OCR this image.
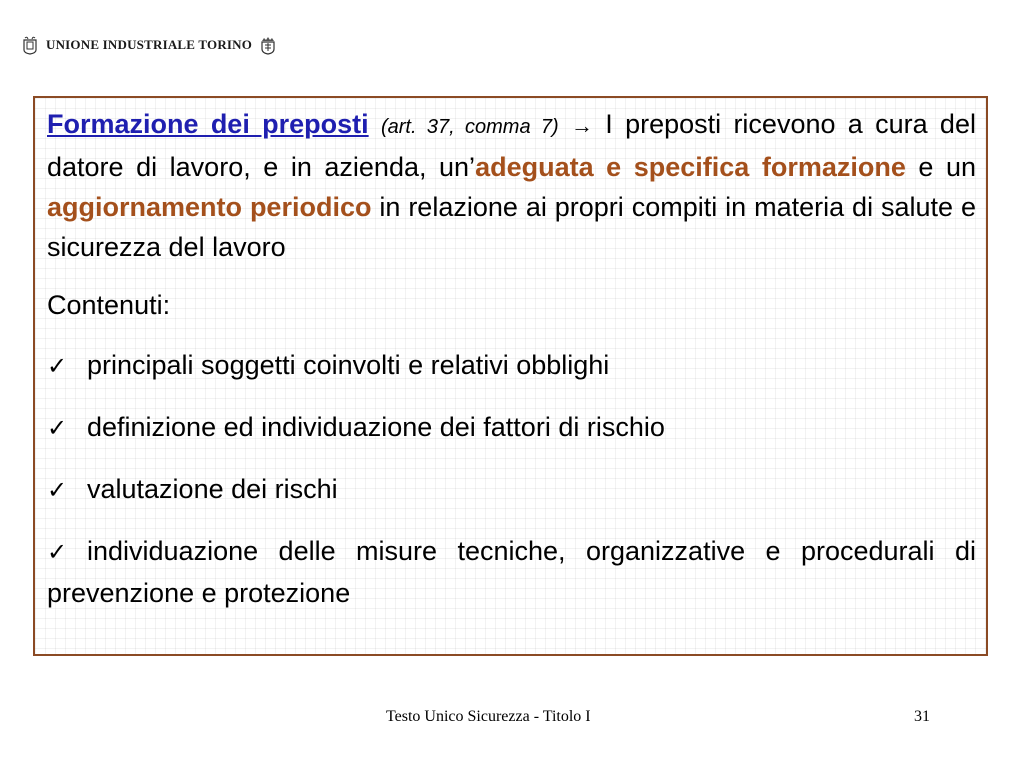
UNIONE INDUSTRIALE TORINO

Formazione dei preposti (art. 37, comma 7) → I preposti ricevono a cura del datore di lavoro, e in azienda, un’adeguata e specifica formazione e un aggiornamento periodico in relazione ai propri compiti in materia di salute e sicurezza del lavoro

Contenuti:

✓ principali soggetti coinvolti e relativi obblighi

✓ definizione ed individuazione dei fattori di rischio

✓ valutazione dei rischi

✓ individuazione delle misure tecniche, organizzative e procedurali di prevenzione e protezione

Testo Unico Sicurezza - Titolo I	31
